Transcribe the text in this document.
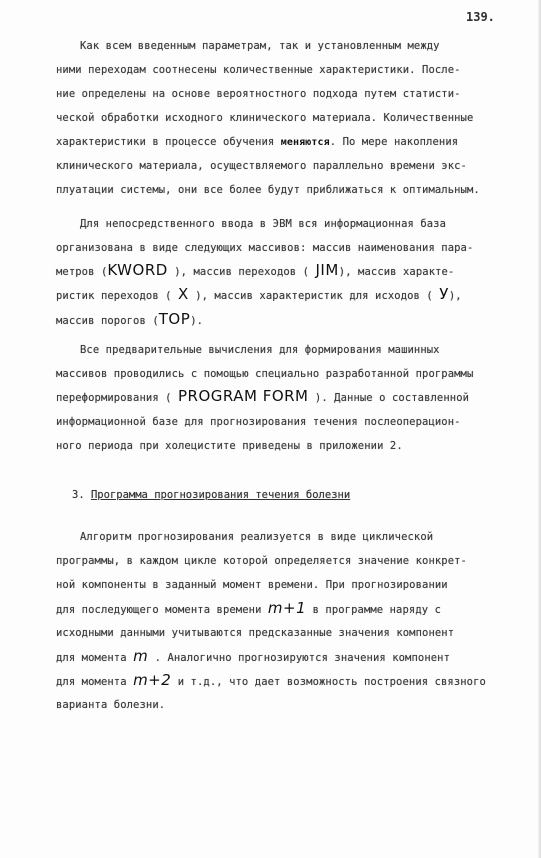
139.
Как всем введенным параметрам, так и установленным между
ними переходам соотнесены количественные характеристики. После-
ние определены на основе вероятностного подхода путем статисти-
ческой обработки исходного клинического материала. Количественные
характеристики в процессе обучения меняются. По мере накопления
клинического материала, осуществляемого параллельно времени экс-
плуатации системы, они все более будут приближаться к оптимальным.
Для непосредственного ввода в ЭВМ вся информационная база
организована в виде следующих массивов: массив наименования пара-
метров (KWORD ), массив переходов ( JIM), массив характе-
ристик переходов ( X ), массив характеристик для исходов ( У),
массив порогов (TOP).
Все предварительные вычисления для формирования машинных
массивов проводились с помощью специально разработанной программы
переформирования ( PROGRAM FORM ). Данные о составленной
информационной базе для прогнозирования течения послеоперацион-
ного периода при холецистите приведены в приложении 2.
3. Программа прогнозирования течения болезни
Алгоритм прогнозирования реализуется в виде циклической
программы, в каждом цикле которой определяется значение конкрет-
ной компоненты в заданный момент времени. При прогнозировании
для последующего момента времени m+1 в программе наряду с
исходными данными учитываются предсказанные значения компонент
для момента m . Аналогично прогнозируются значения компонент
для момента m+2 и т.д., что дает возможность построения связного
варианта болезни.
